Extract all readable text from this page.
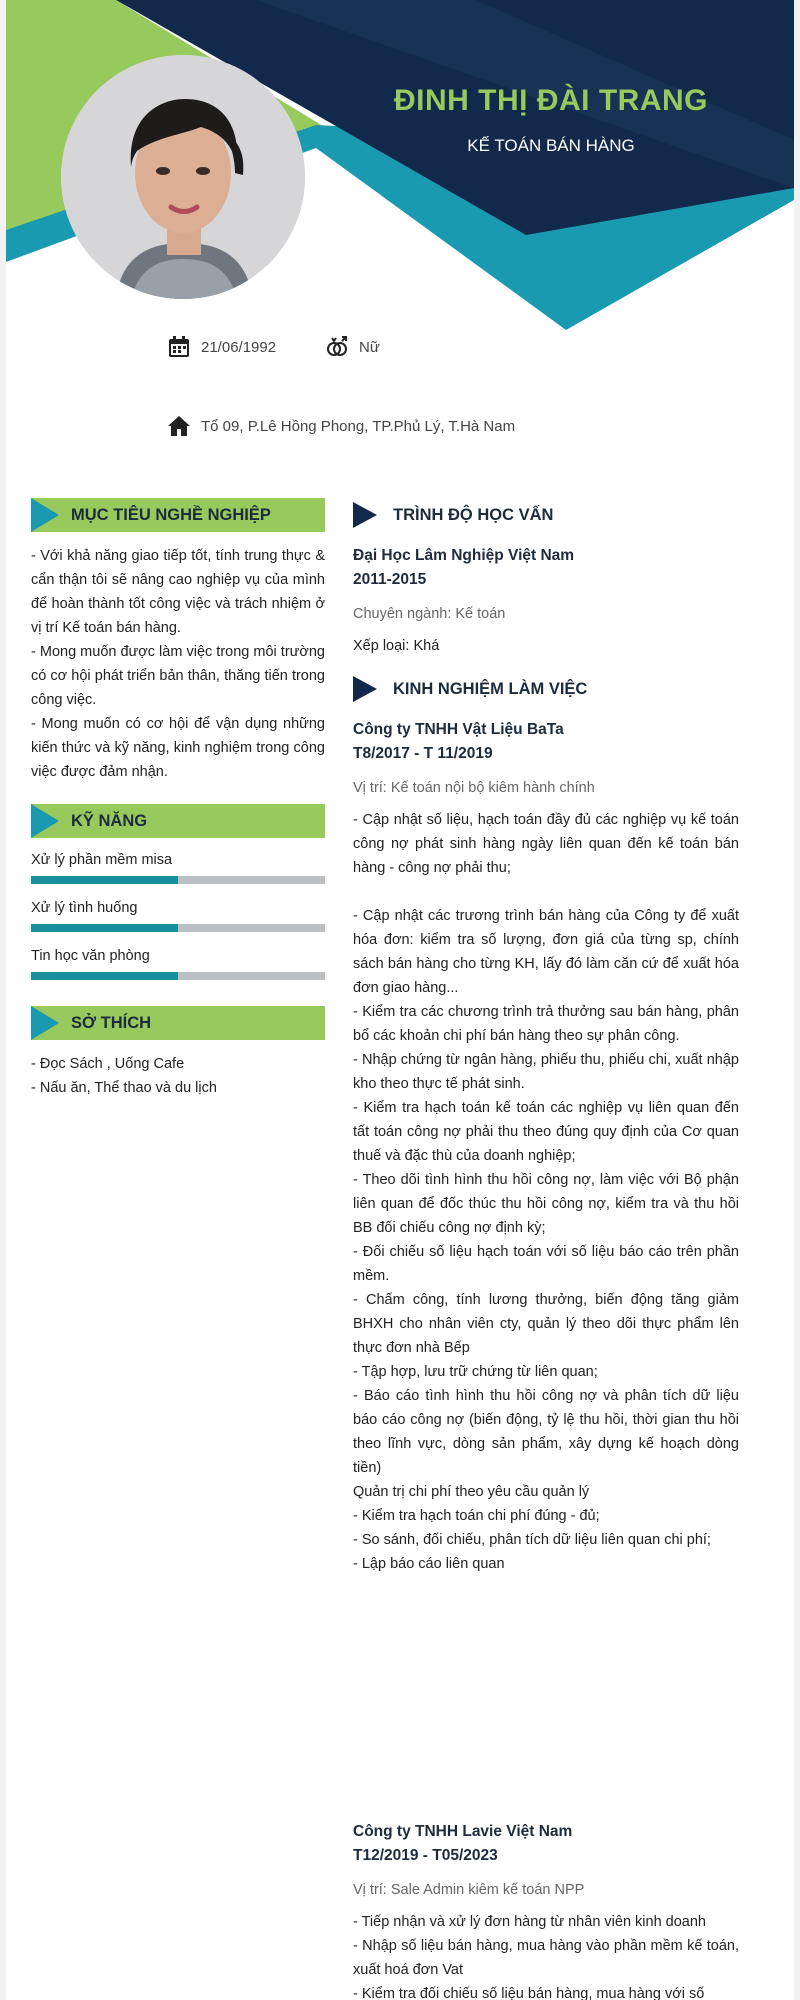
ĐINH THỊ ĐÀI TRANG
KẾ TOÁN BÁN HÀNG
21/06/1992	Nữ
Tổ 09, P.Lê Hồng Phong, TP.Phủ Lý, T.Hà Nam
MỤC TIÊU NGHỀ NGHIỆP

- Với khả năng giao tiếp tốt, tính trung thực & cẩn thận tôi sẽ nâng cao nghiệp vụ của mình để hoàn thành tốt công việc và trách nhiệm ở vị trí Kế toán bán hàng.

- Mong muốn được làm việc trong môi trường có cơ hội phát triển bản thân, thăng tiến trong công việc.

- Mong muốn có cơ hội để vận dụng những kiến thức và kỹ năng, kinh nghiệm trong công việc được đảm nhận.

KỸ NĂNG
Xử lý phần mềm misa
Xử lý tình huống
Tin học văn phòng
SỞ THÍCH
- Đọc Sách , Uống Cafe
- Nấu ăn, Thể thao và du lịch
TRÌNH ĐỘ HỌC VẤN
Đại Học Lâm Nghiệp Việt Nam
2011-2015
Chuyên ngành: Kế toán
Xếp loại: Khá
KINH NGHIỆM LÀM VIỆC
Công ty TNHH Vật Liệu BaTa
T8/2017 - T 11/2019
Vị trí: Kế toán nội bộ kiêm hành chính
- Cập nhật số liệu, hạch toán đầy đủ các nghiệp vụ kế toán công nợ phát sinh hàng ngày liên quan đến kế toán bán hàng - công nợ phải thu;
- Cập nhật các trương trình bán hàng của Công ty để xuất hóa đơn: kiểm tra số lượng, đơn giá của từng sp, chính sách bán hàng cho từng KH, lấy đó làm căn cứ để xuất hóa đơn giao hàng...
- Kiểm tra các chương trình trả thưởng sau bán hàng, phân bổ các khoản chi phí bán hàng theo sự phân công.
- Nhập chứng từ ngân hàng, phiếu thu, phiếu chi, xuất nhập kho theo thực tế phát sinh.
- Kiểm tra hạch toán kế toán các nghiệp vụ liên quan đến tất toán công nợ phải thu theo đúng quy định của Cơ quan thuế và đặc thù của doanh nghiệp;
- Theo dõi tình hình thu hồi công nợ, làm việc với Bộ phận liên quan để đốc thúc thu hồi công nợ, kiểm tra và thu hồi BB đối chiếu công nợ định kỳ;
- Đối chiếu số liệu hạch toán với số liệu báo cáo trên phần mềm.
- Chấm công, tính lương thưởng, biến động tăng giảm BHXH cho nhân viên cty, quản lý theo dõi thực phẩm lên thực đơn nhà Bếp
- Tập hợp, lưu trữ chứng từ liên quan;
- Báo cáo tình hình thu hồi công nợ và phân tích dữ liệu báo cáo công nợ (biến động, tỷ lệ thu hồi, thời gian thu hồi theo lĩnh vực, dòng sản phẩm, xây dựng kế hoạch dòng tiền)
Quản trị chi phí theo yêu cầu quản lý
- Kiểm tra hạch toán chi phí đúng - đủ;
- So sánh, đối chiếu, phân tích dữ liệu liên quan chi phí;
- Lập báo cáo liên quan
Công ty TNHH Lavie Việt Nam
T12/2019 - T05/2023
Vị trí: Sale Admin kiêm kế toán NPP
- Tiếp nhận và xử lý đơn hàng từ nhân viên kinh doanh
- Nhập số liệu bán hàng, mua hàng vào phần mềm kế toán, xuất hoá đơn Vat
- Kiểm tra đối chiếu số liệu bán hàng, mua hàng với số
